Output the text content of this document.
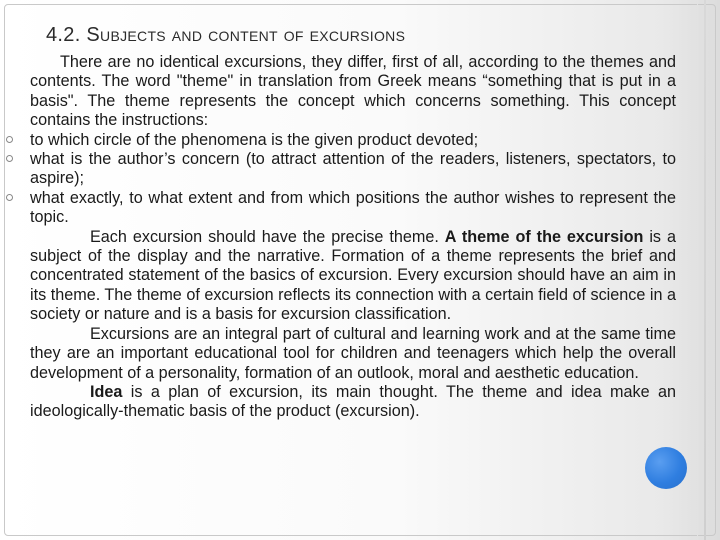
4.2. Subjects and content of excursions

There are no identical excursions, they differ, first of all, according to the themes and contents. The word "theme" in translation from Greek means “something that is put in a basis". The theme represents the concept which concerns something. This concept contains the instructions:

to which circle of the phenomena is the given product devoted;

what is the author’s concern (to attract attention of the readers, listeners, spectators, to aspire);

what exactly, to what extent and from which positions the author wishes to represent the topic.

Each excursion should have the precise theme. A theme of the excursion is a subject of the display and the narrative. Formation of a theme represents the brief and concentrated statement of the basics of excursion. Every excursion should have an aim in its theme. The theme of excursion reflects its connection with a certain field of science in a society or nature and is a basis for excursion classification.

Excursions are an integral part of cultural and learning work and at the same time they are an important educational tool for children and teenagers which help the overall development of a personality, formation of an outlook, moral and aesthetic education.

Idea is a plan of excursion, its main thought. The theme and idea make an ideologically-thematic basis of the product (excursion).
